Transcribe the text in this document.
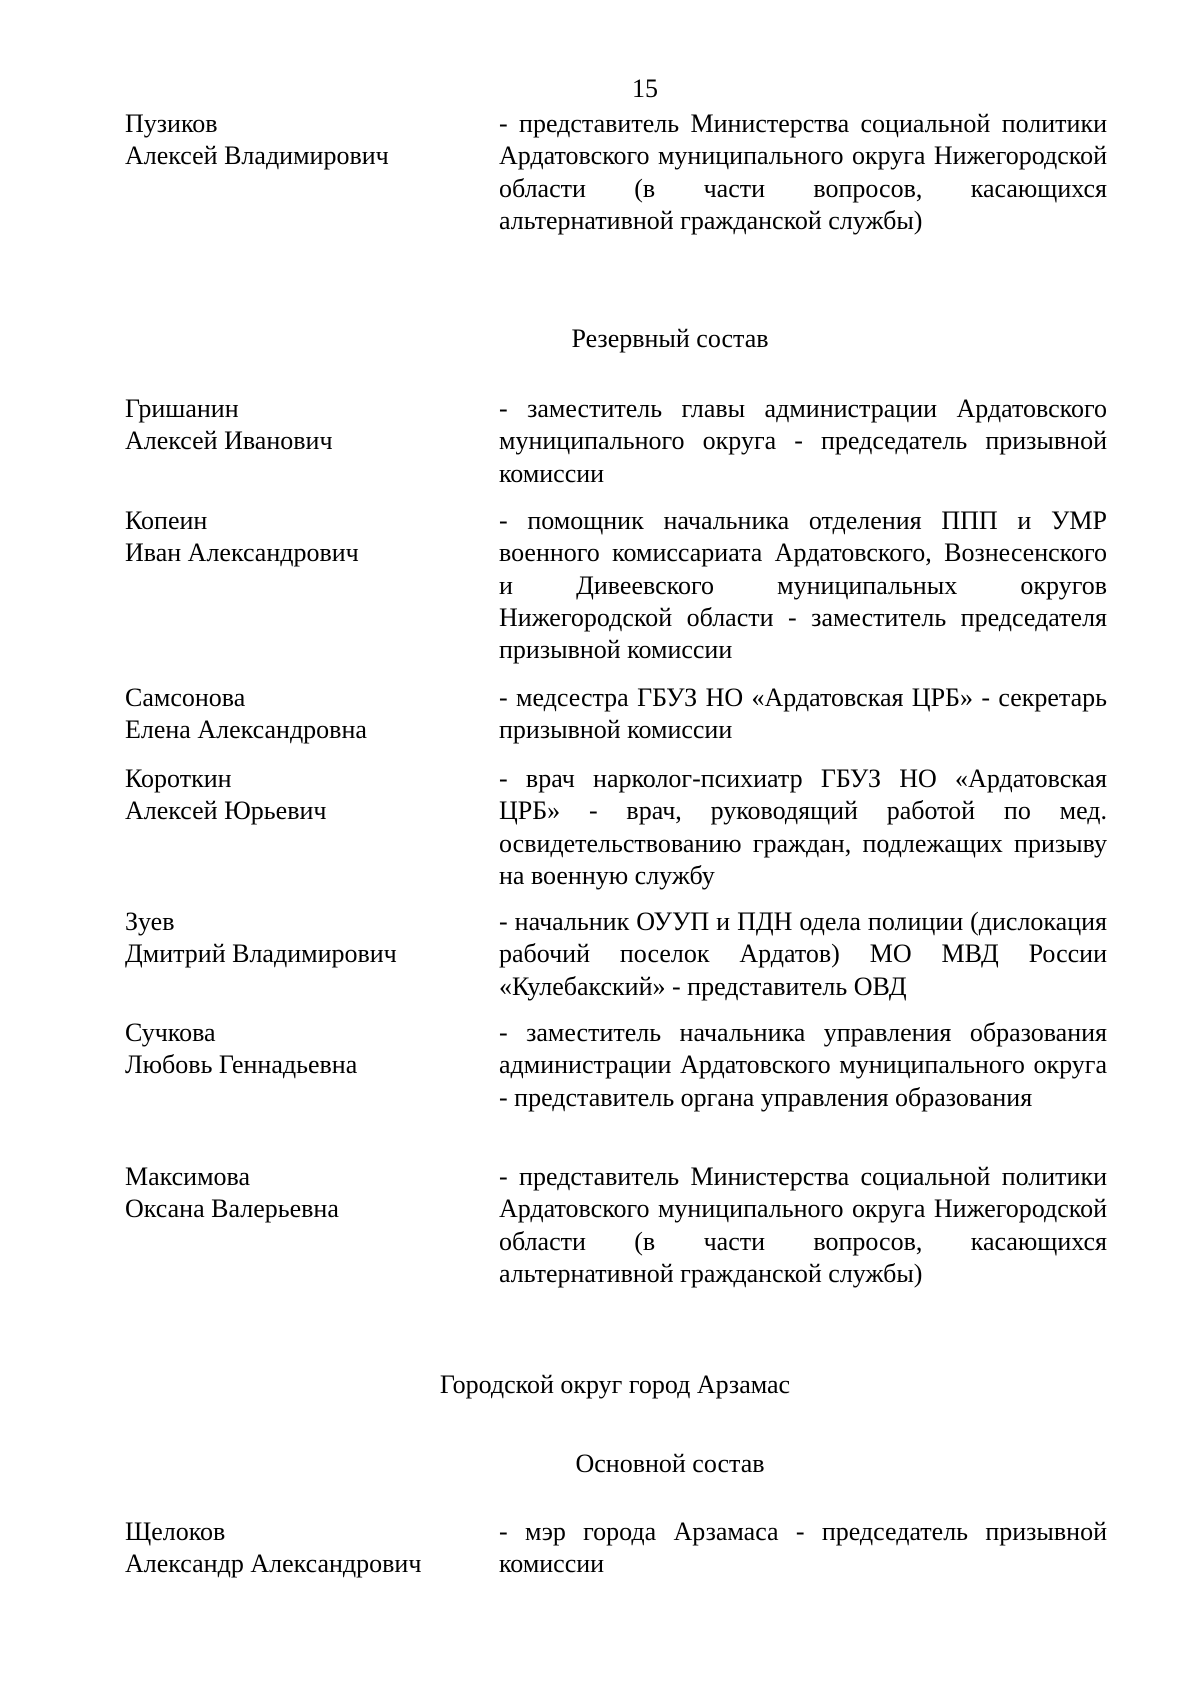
15
Пузиков
Алексей Владимирович
- представитель Министерства социальной политики Ардатовского муниципального округа Нижегородской области (в части вопросов, касающихся альтернативной гражданской службы)
Резервный состав
Гришанин
Алексей Иванович
- заместитель главы администрации Ардатовского муниципального округа - председатель призывной комиссии
Копеин
Иван Александрович
- помощник начальника отделения ППП и УМР военного комиссариата Ардатовского, Вознесенского и Дивеевского муниципальных округов Нижегородской области - заместитель председателя призывной комиссии
Самсонова
Елена Александровна
- медсестра ГБУЗ НО «Ардатовская ЦРБ» - секретарь призывной комиссии
Короткин
Алексей Юрьевич
- врач нарколог-психиатр ГБУЗ НО «Ардатовская ЦРБ» - врач, руководящий работой по мед. освидетельствованию граждан, подлежащих призыву на военную службу
Зуев
Дмитрий Владимирович
- начальник ОУУП и ПДН одела полиции (дислокация рабочий поселок Ардатов) МО МВД России «Кулебакский» - представитель ОВД
Сучкова
Любовь Геннадьевна
- заместитель начальника управления образования администрации Ардатовского муниципального округа - представитель органа управления образования
Максимова
Оксана Валерьевна
- представитель Министерства социальной политики Ардатовского муниципального округа Нижегородской области (в части вопросов, касающихся альтернативной гражданской службы)
Городской округ город Арзамас
Основной состав
Щелоков
Александр Александрович
- мэр города Арзамаса - председатель призывной комиссии
